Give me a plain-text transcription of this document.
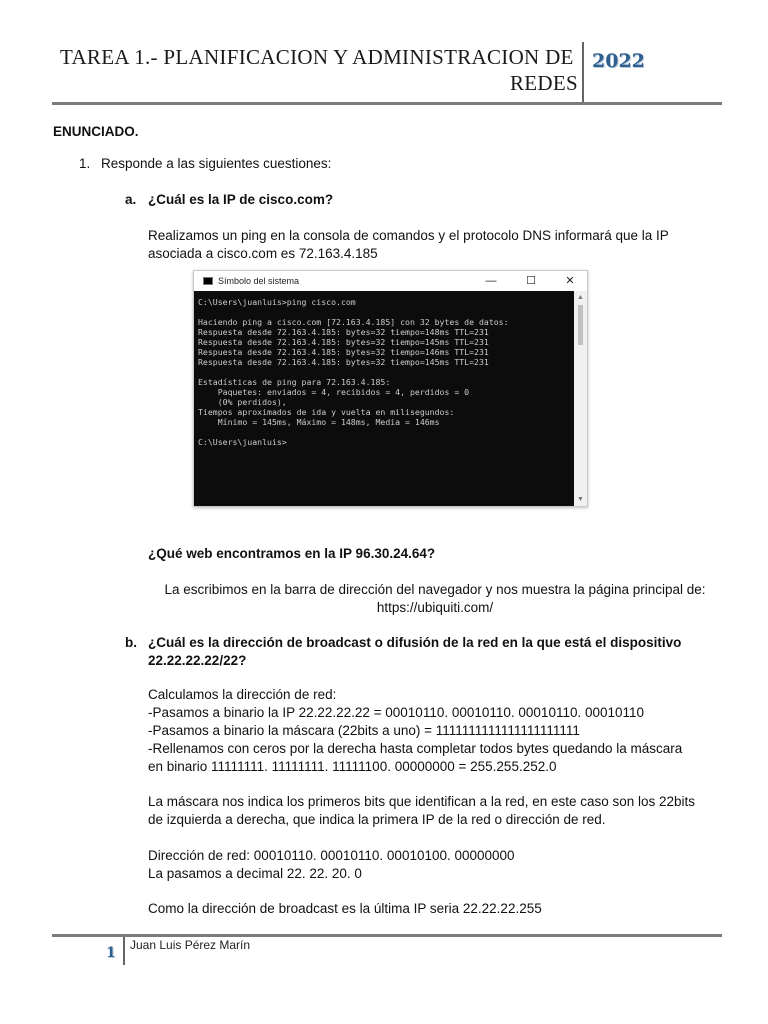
TAREA 1.- PLANIFICACION Y ADMINISTRACION DE
REDES
2022
ENUNCIADO.
1. Responde a las siguientes cuestiones:
a. ¿Cuál es la IP de cisco.com?
Realizamos un ping en la consola de comandos y el protocolo DNS informará que la IP
asociada a cisco.com es 72.163.4.185
¿Qué web encontramos en la IP 96.30.24.64?
La escribimos en la barra de dirección del navegador y nos muestra la página principal de:
https://ubiquiti.com/
b. ¿Cuál es la dirección de broadcast o difusión de la red en la que está el dispositivo
22.22.22.22/22?
Calculamos la dirección de red:
-Pasamos a binario la IP 22.22.22.22 = 00010110. 00010110. 00010110. 00010110
-Pasamos a binario la máscara (22bits a uno) = 1111111111111111111111
-Rellenamos con ceros por la derecha hasta completar todos bytes quedando la máscara
en binario 11111111. 11111111. 11111100. 00000000 = 255.255.252.0
La máscara nos indica los primeros bits que identifican a la red, en este caso son los 22bits
de izquierda a derecha, que indica la primera IP de la red o dirección de red.
Dirección de red: 00010110. 00010110. 00010100. 00000000
La pasamos a decimal 22. 22. 20. 0
Como la dirección de broadcast es la última IP seria 22.22.22.255
Símbolo del sistema	—	☐	✕
C:\Users\juanluis>ping cisco.com
Haciendo ping a cisco.com [72.163.4.185] con 32 bytes de datos:
Respuesta desde 72.163.4.185: bytes=32 tiempo=148ms TTL=231
Respuesta desde 72.163.4.185: bytes=32 tiempo=145ms TTL=231
Respuesta desde 72.163.4.185: bytes=32 tiempo=146ms TTL=231
Respuesta desde 72.163.4.185: bytes=32 tiempo=145ms TTL=231
Estadísticas de ping para 72.163.4.185:
Paquetes: enviados = 4, recibidos = 4, perdidos = 0
(0% perdidos),
Tiempos aproximados de ida y vuelta en milisegundos:
Mínimo = 145ms, Máximo = 148ms, Media = 146ms
C:\Users\juanluis>
▲
▼
1 Juan Luis Pérez Marín
